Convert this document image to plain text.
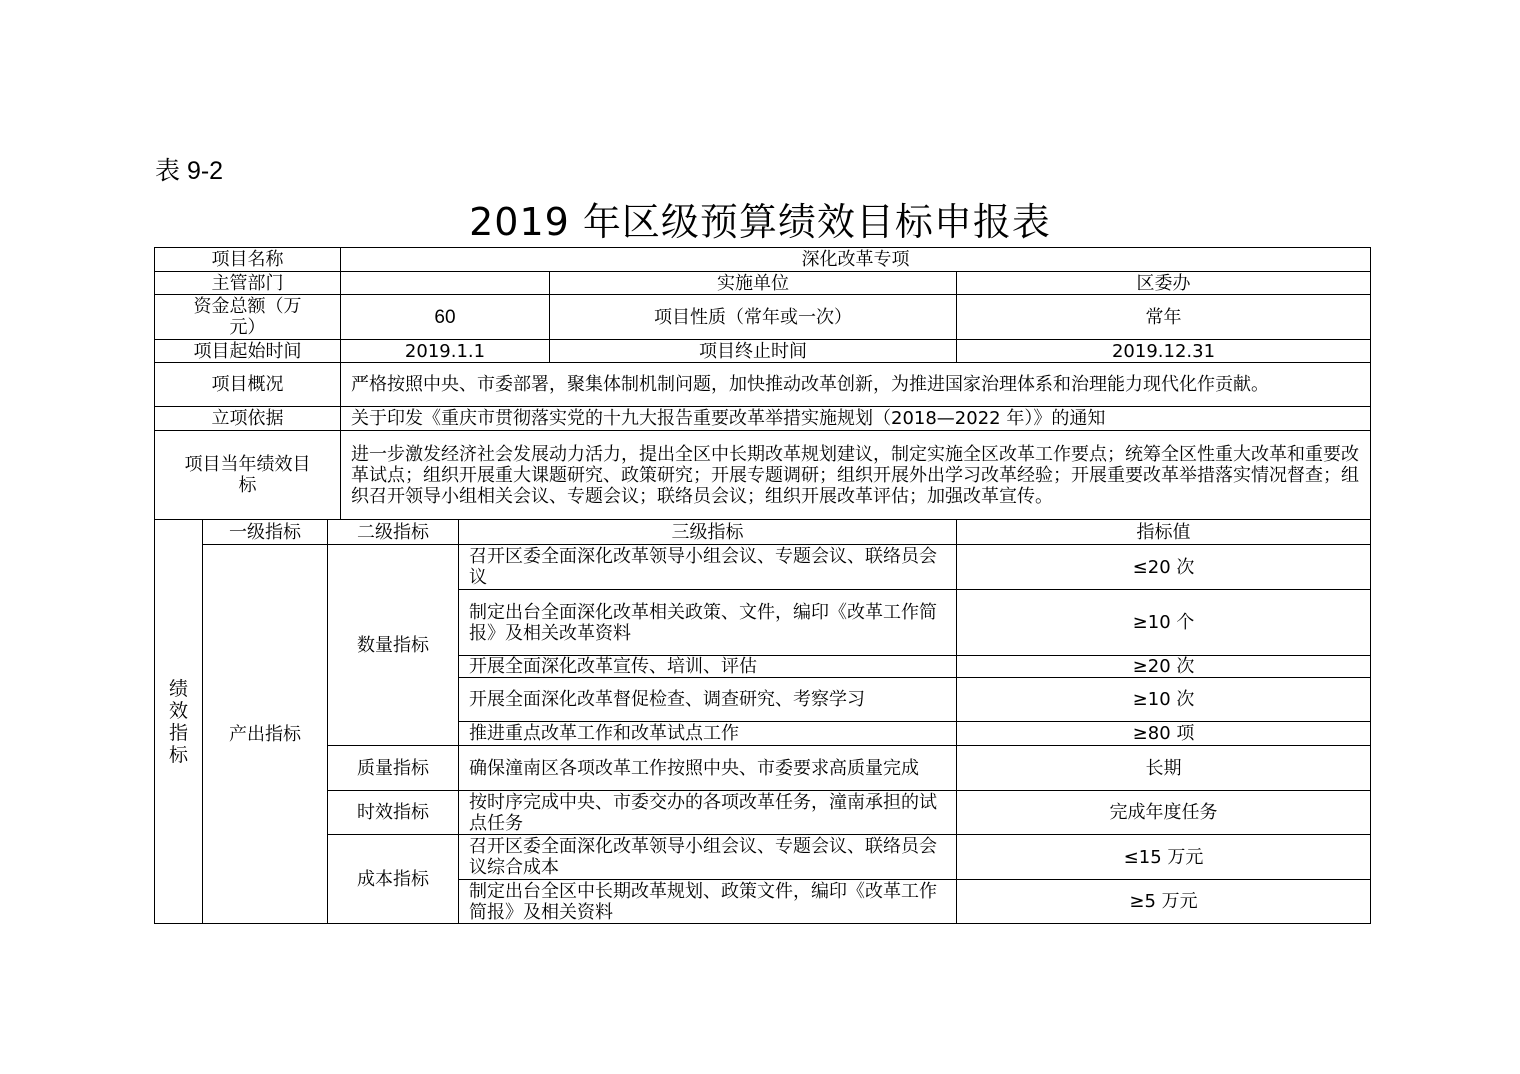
表 9-2
2019 年区级预算绩效目标申报表
项目名称			深化改革专项			
主管部门					实施单位	区委办
资金总额（万元）			60		项目性质（常年或一次）	常年
项目起始时间			2019.1.1		项目终止时间	2019.12.31
项目概况			严格按照中央、市委部署，聚集体制机制问题，加快推动改革创新，为推进国家治理体系和治理能力现代化作贡献。			
立项依据			关于印发《重庆市贯彻落实党的十九大报告重要改革举措实施规划（2018—2022 年）》的通知			
项目当年绩效目标			进一步激发经济社会发展动力活力，提出全区中长期改革规划建议，制定实施全区改革工作要点；统筹全区性重大改革和重要改革试点；组织开展重大课题研究、政策研究；开展专题调研；组织开展外出学习改革经验；开展重要改革举措落实情况督查；组织召开领导小组相关会议、专题会议；联络员会议；组织开展改革评估；加强改革宣传。			
绩效指标	一级指标	二级指标		三级指标		指标值
	产出指标	数量指标		召开区委全面深化改革领导小组会议、专题会议、联络员会议		≤20 次
				制定出台全面深化改革相关政策、文件，编印《改革工作简报》及相关改革资料		≥10 个
				开展全面深化改革宣传、培训、评估		≥20 次
				开展全面深化改革督促检查、调查研究、考察学习		≥10 次
				推进重点改革工作和改革试点工作		≥80 项
		质量指标		确保潼南区各项改革工作按照中央、市委要求高质量完成		长期
		时效指标		按时序完成中央、市委交办的各项改革任务，潼南承担的试点任务		完成年度任务
		成本指标		召开区委全面深化改革领导小组会议、专题会议、联络员会议综合成本		≤15 万元
				制定出台全区中长期改革规划、政策文件，编印《改革工作简报》及相关资料		≥5 万元
